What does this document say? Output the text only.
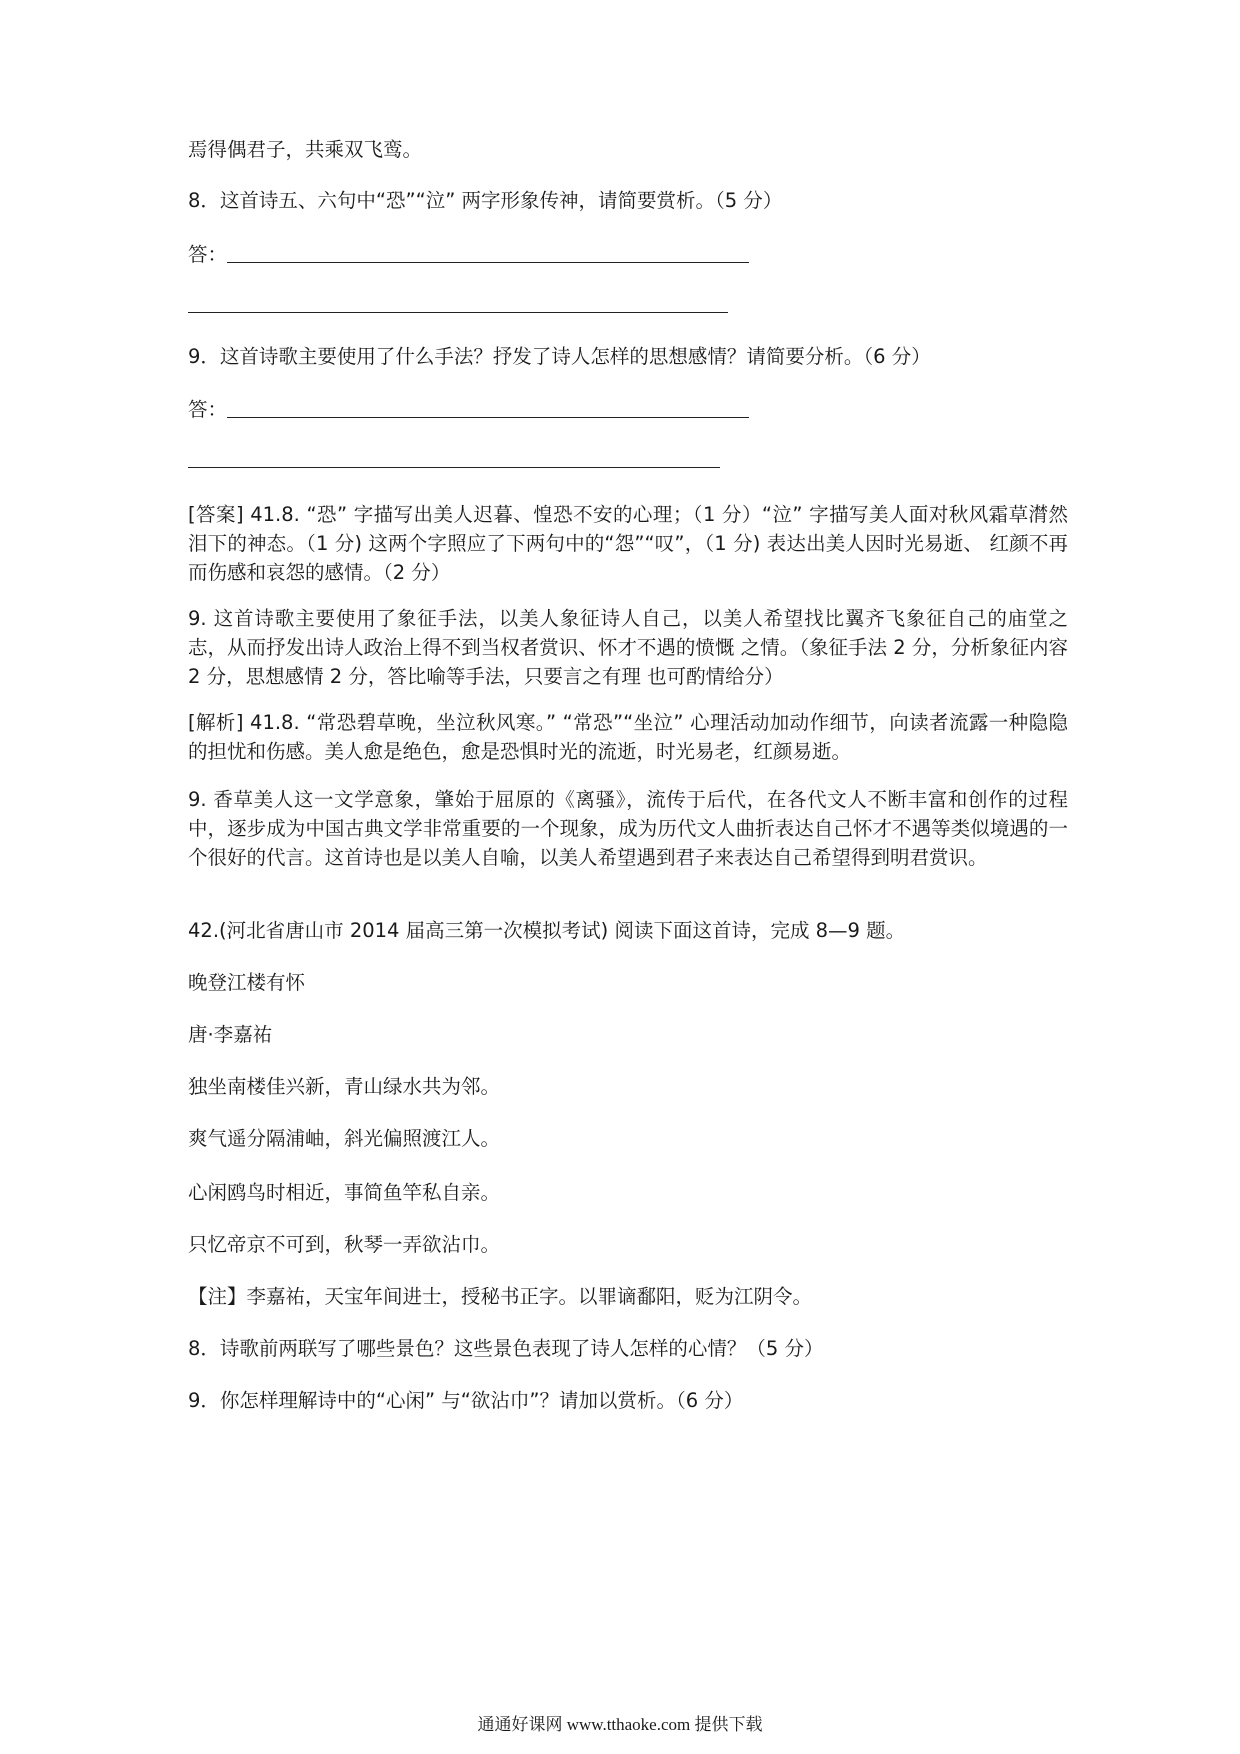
焉得偶君子，共乘双飞鸾。
8．这首诗五、六句中“恐”“泣” 两字形象传神，请简要赏析。（5 分）
答：
9．这首诗歌主要使用了什么手法？抒发了诗人怎样的思想感情？请简要分析。（6 分）
答：
[答案] 41.8. “恐” 字描写出美人迟暮、惶恐不安的心理；（1 分）“泣” 字描写美人面对秋风霜草潸然 泪下的神态。（1 分) 这两个字照应了下两句中的“怨”“叹”，（1 分) 表达出美人因时光易逝、 红颜不再而伤感和哀怨的感情。（2 分）
9. 这首诗歌主要使用了象征手法，以美人象征诗人自己，以美人希望找比翼齐飞象征自己的庙堂之志，从而抒发出诗人政治上得不到当权者赏识、怀才不遇的愤慨 之情。（象征手法 2 分，分析象征内容 2 分，思想感情 2 分，答比喻等手法，只要言之有理 也可酌情给分）
[解析] 41.8. “常恐碧草晚，坐泣秋风寒。” “常恐”“坐泣” 心理活动加动作细节，向读者流露一种隐隐的担忧和伤感。美人愈是绝色，愈是恐惧时光的流逝，时光易老，红颜易逝。
9. 香草美人这一文学意象，肇始于屈原的《离骚》，流传于后代，在各代文人不断丰富和创作的过程中，逐步成为中国古典文学非常重要的一个现象，成为历代文人曲折表达自己怀才不遇等类似境遇的一个很好的代言。这首诗也是以美人自喻，以美人希望遇到君子来表达自己希望得到明君赏识。
42.(河北省唐山市 2014 届高三第一次模拟考试) 阅读下面这首诗，完成 8—9 题。
晚登江楼有怀
唐·李嘉祐
独坐南楼佳兴新，青山绿水共为邻。
爽气遥分隔浦岫，斜光偏照渡江人。
心闲鸥鸟时相近，事简鱼竿私自亲。
只忆帝京不可到，秋琴一弄欲沾巾。
【注】李嘉祐，天宝年间进士，授秘书正字。以罪谪鄱阳，贬为江阴令。
8．诗歌前两联写了哪些景色？这些景色表现了诗人怎样的心情？（5 分）
9．你怎样理解诗中的“心闲” 与“欲沾巾”？请加以赏析。（6 分）
通通好课网 www.tthaoke.com 提供下载
